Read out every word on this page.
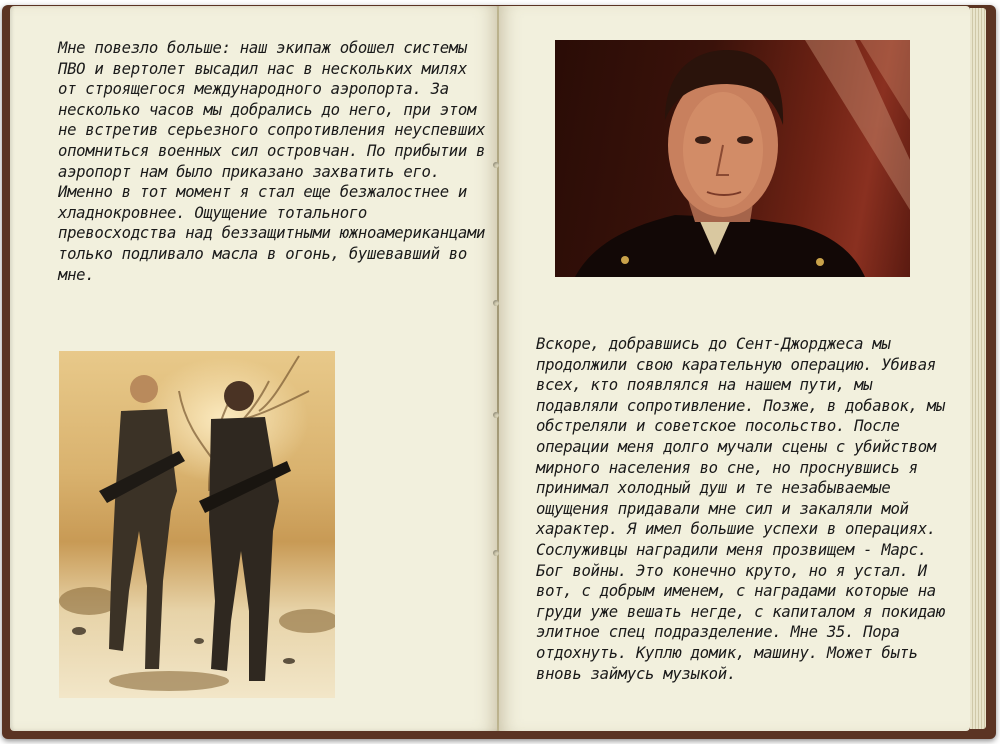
Мне повезло больше: наш экипаж обошел системы ПВО и вертолет высадил нас в нескольких милях от строящегося международного аэропорта. За несколько часов мы добрались до него, при этом не встретив серьезного сопротивления неуспевших опомниться военных сил островчан. По прибытии в аэропорт нам было приказано захватить его. Именно в тот момент я стал еще безжалостнее и хладнокровнее. Ощущение тотального превосходства над беззащитными южноамериканцами только подливало масла в огонь, бушевавший во мне.

Вскоре, добравшись до Сент-Джорджеса мы продолжили свою карательную операцию. Убивая всех, кто появлялся на нашем пути, мы подавляли сопротивление. Позже, в добавок, мы обстреляли и советское посольство. После операции меня долго мучали сцены с убийством мирного населения во сне, но проснувшись я принимал холодный душ и те незабываемые ощущения придавали мне сил и закаляли мой характер. Я имел большие успехи в операциях. Сослуживцы наградили меня прозвищем - Марс. Бог войны. Это конечно круто, но я устал. И вот, с добрым именем, с наградами которые на груди уже вешать негде, с капиталом я покидаю элитное спец подразделение. Мне 35. Пора отдохнуть. Куплю домик, машину. Может быть вновь займусь музыкой.
